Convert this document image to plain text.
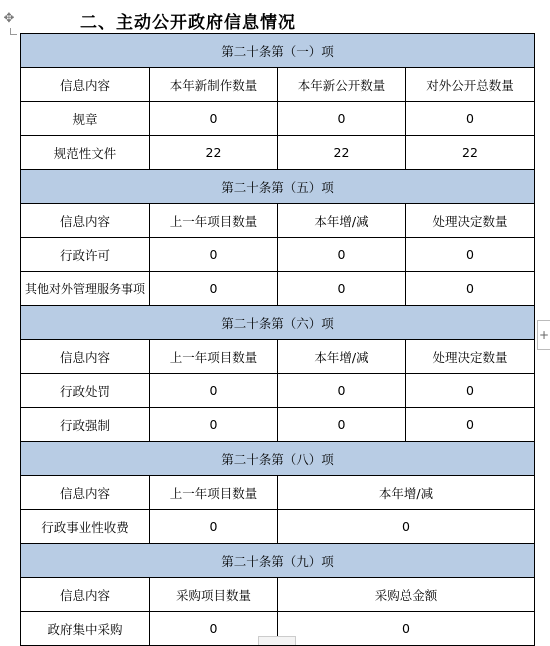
✥	二、主动公开政府信息情况
+
第二十条第（一）项			
信息内容	本年新制作数量	本年新公开数量	对外公开总数量
规章	0	0	0
规范性文件	22	22	22
第二十条第（五）项			
信息内容	上一年项目数量	本年增/减	处理决定数量
行政许可	0	0	0
其他对外管理服务事项	0	0	0
第二十条第（六）项			
信息内容	上一年项目数量	本年增/减	处理决定数量
行政处罚	0	0	0
行政强制	0	0	0
第二十条第（八）项			
信息内容	上一年项目数量	本年增/减	
行政事业性收费	0	0	
第二十条第（九）项			
信息内容	采购项目数量	采购总金额	
政府集中采购	0	0	
